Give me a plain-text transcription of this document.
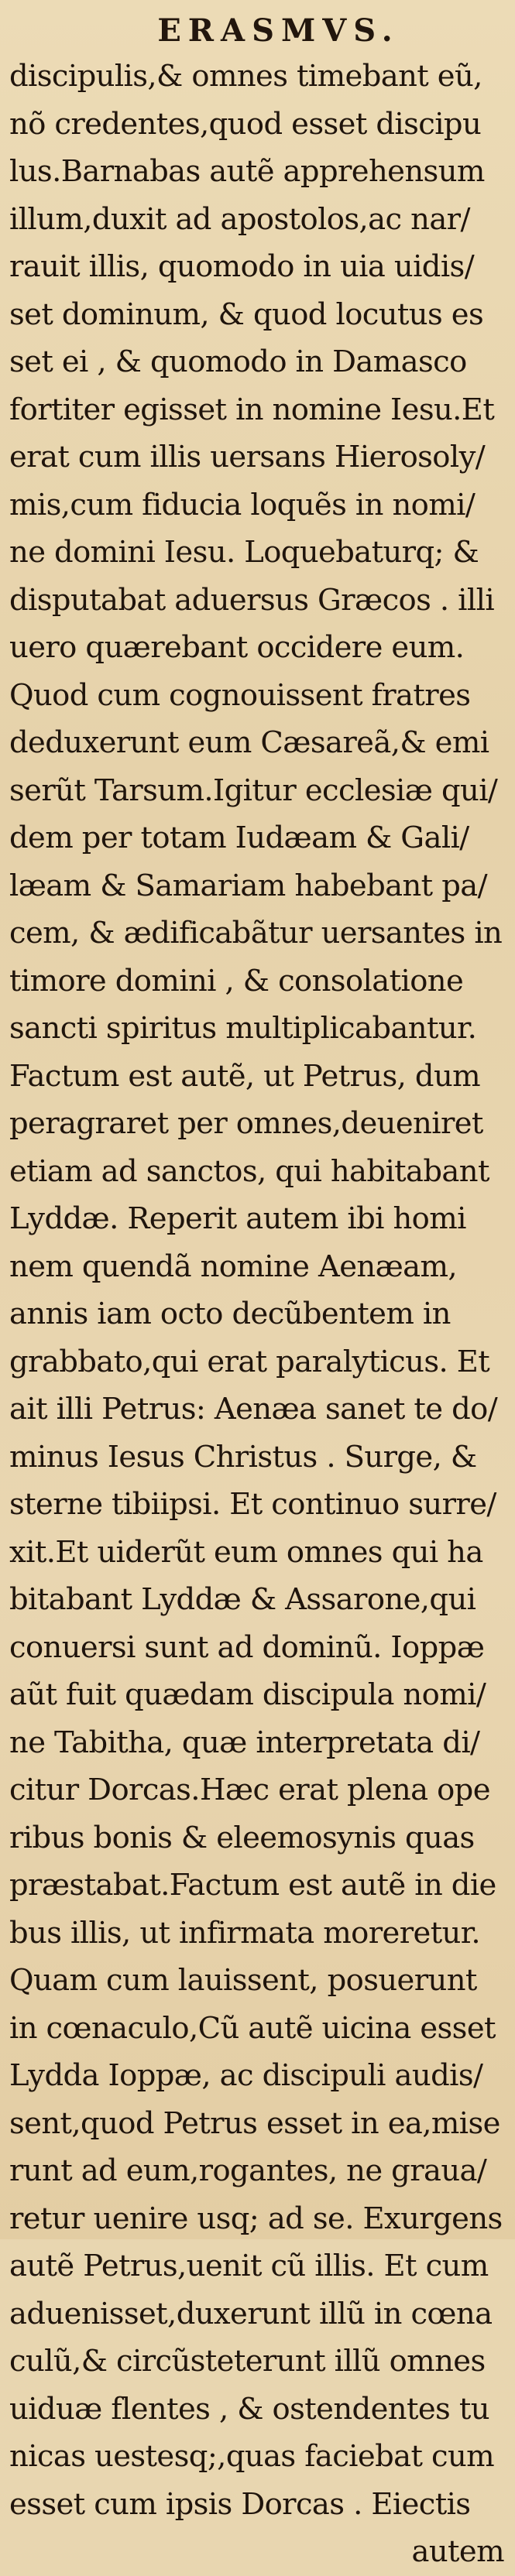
ERASMVS.
discipulis,& omnes timebant eũ,
nõ credentes,quod esset discipu
lus.Barnabas autẽ apprehensum
illum,duxit ad apostolos,ac nar/
rauit illis, quomodo in uia uidis/
set dominum, & quod locutus es
set ei , & quomodo in Damasco
fortiter egisset in nomine Iesu.Et
erat cum illis uersans Hierosoly/
mis,cum fiducia loquẽs in nomi/
ne domini Iesu. Loquebaturq; &
disputabat aduersus Græcos . illi
uero quærebant occidere eum.
Quod cum cognouissent fratres
deduxerunt eum Cæsareã,& emi
serũt Tarsum.Igitur ecclesiæ qui/
dem per totam Iudæam & Gali/
læam & Samariam habebant pa/
cem, & ædificabãtur uersantes in
timore domini , & consolatione
sancti spiritus multiplicabantur.
Factum est autẽ, ut Petrus, dum
peragraret per omnes,deueniret
etiam ad sanctos, qui habitabant
Lyddæ. Reperit autem ibi homi
nem quendã nomine Aenæam,
annis iam octo decũbentem in
grabbato,qui erat paralyticus. Et
ait illi Petrus: Aenæa sanet te do/
minus Iesus Christus . Surge, &
sterne tibiipsi. Et continuo surre/
xit.Et uiderũt eum omnes qui ha
bitabant Lyddæ & Assarone,qui
conuersi sunt ad dominũ. Ioppæ
aũt fuit quædam discipula nomi/
ne Tabitha, quæ interpretata di/
citur Dorcas.Hæc erat plena ope
ribus bonis & eleemosynis quas
præstabat.Factum est autẽ in die
bus illis, ut infirmata moreretur.
Quam cum lauissent, posuerunt
in cœnaculo,Cũ autẽ uicina esset
Lydda Ioppæ, ac discipuli audis/
sent,quod Petrus esset in ea,mise
runt ad eum,rogantes, ne graua/
retur uenire usq; ad se. Exurgens
autẽ Petrus,uenit cũ illis. Et cum
aduenisset,duxerunt illũ in cœna
culũ,& circũsteterunt illũ omnes
uiduæ flentes , & ostendentes tu
nicas uestesq;,quas faciebat cum
esset cum ipsis Dorcas . Eiectis
autem
